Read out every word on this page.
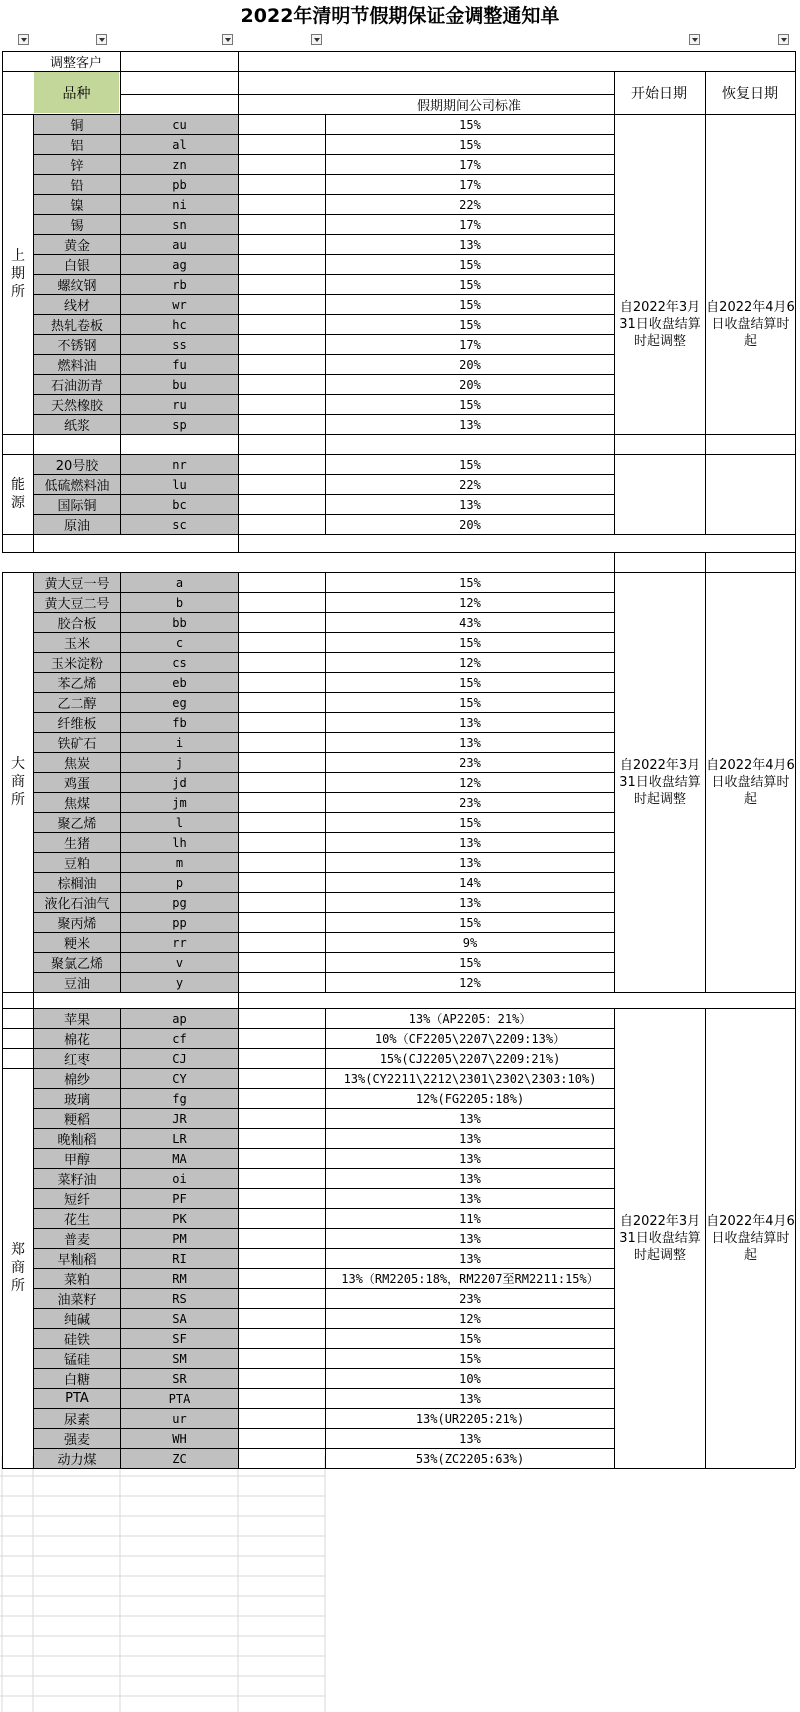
2022年清明节假期保证金调整通知单
调整客户
品种
假期期间公司标准
开始日期	恢复日期
铜	cu	15%
铝	al	15%
锌	zn	17%
铅	pb	17%
镍	ni	22%
锡	sn	17%
黄金	au	13%
白银	ag	15%
螺纹钢	rb	15%
线材	wr	15%
热轧卷板	hc	15%
不锈钢	ss	17%
燃料油	fu	20%
石油沥青	bu	20%
天然橡胶	ru	15%
纸浆	sp	13%
上期所
自2022年3月31日收盘结算时起调整
自2022年4月6日收盘结算时起
20号胶	nr	15%
低硫燃料油	lu	22%
国际铜	bc	13%
原油	sc	20%
能源
黄大豆一号	a	15%
黄大豆二号	b	12%
胶合板	bb	43%
玉米	c	15%
玉米淀粉	cs	12%
苯乙烯	eb	15%
乙二醇	eg	15%
纤维板	fb	13%
铁矿石	i	13%
焦炭	j	23%
鸡蛋	jd	12%
焦煤	jm	23%
聚乙烯	l	15%
生猪	lh	13%
豆粕	m	13%
棕榈油	p	14%
液化石油气	pg	13%
聚丙烯	pp	15%
粳米	rr	9%
聚氯乙烯	v	15%
豆油	y	12%
大商所
自2022年3月31日收盘结算时起调整
自2022年4月6日收盘结算时起
苹果	ap	13%（AP2205：21%）
棉花	cf	10%（CF2205\2207\2209:13%）
红枣	CJ	15%(CJ2205\2207\2209:21%)
棉纱	CY	13%(CY2211\2212\2301\2302\2303:10%)
玻璃	fg	12%(FG2205:18%)
粳稻	JR	13%
晚籼稻	LR	13%
甲醇	MA	13%
菜籽油	oi	13%
短纤	PF	13%
花生	PK	11%
普麦	PM	13%
早籼稻	RI	13%
菜粕	RM	13%（RM2205:18%，RM2207至RM2211:15%）
油菜籽	RS	23%
纯碱	SA	12%
硅铁	SF	15%
锰硅	SM	15%
白糖	SR	10%
PTA	PTA	13%
尿素	ur	13%(UR2205:21%)
强麦	WH	13%
动力煤	ZC	53%(ZC2205:63%)
郑商所
自2022年3月31日收盘结算时起调整
自2022年4月6日收盘结算时起
